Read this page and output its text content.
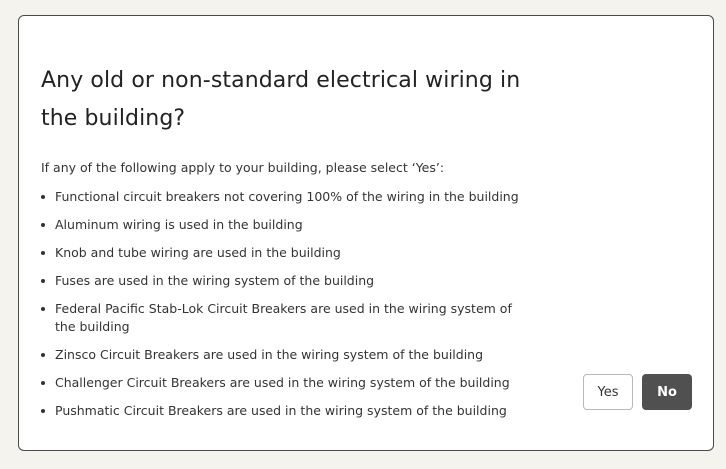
Any old or non-standard electrical wiring in
the building?

If any of the following apply to your building, please select ‘Yes’:

Functional circuit breakers not covering 100% of the wiring in the building
Aluminum wiring is used in the building
Knob and tube wiring are used in the building
Fuses are used in the wiring system of the building
Federal Pacific Stab-Lok Circuit Breakers are used in the wiring system of the building
Zinsco Circuit Breakers are used in the wiring system of the building
Challenger Circuit Breakers are used in the wiring system of the building
Pushmatic Circuit Breakers are used in the wiring system of the building
Yes	No
